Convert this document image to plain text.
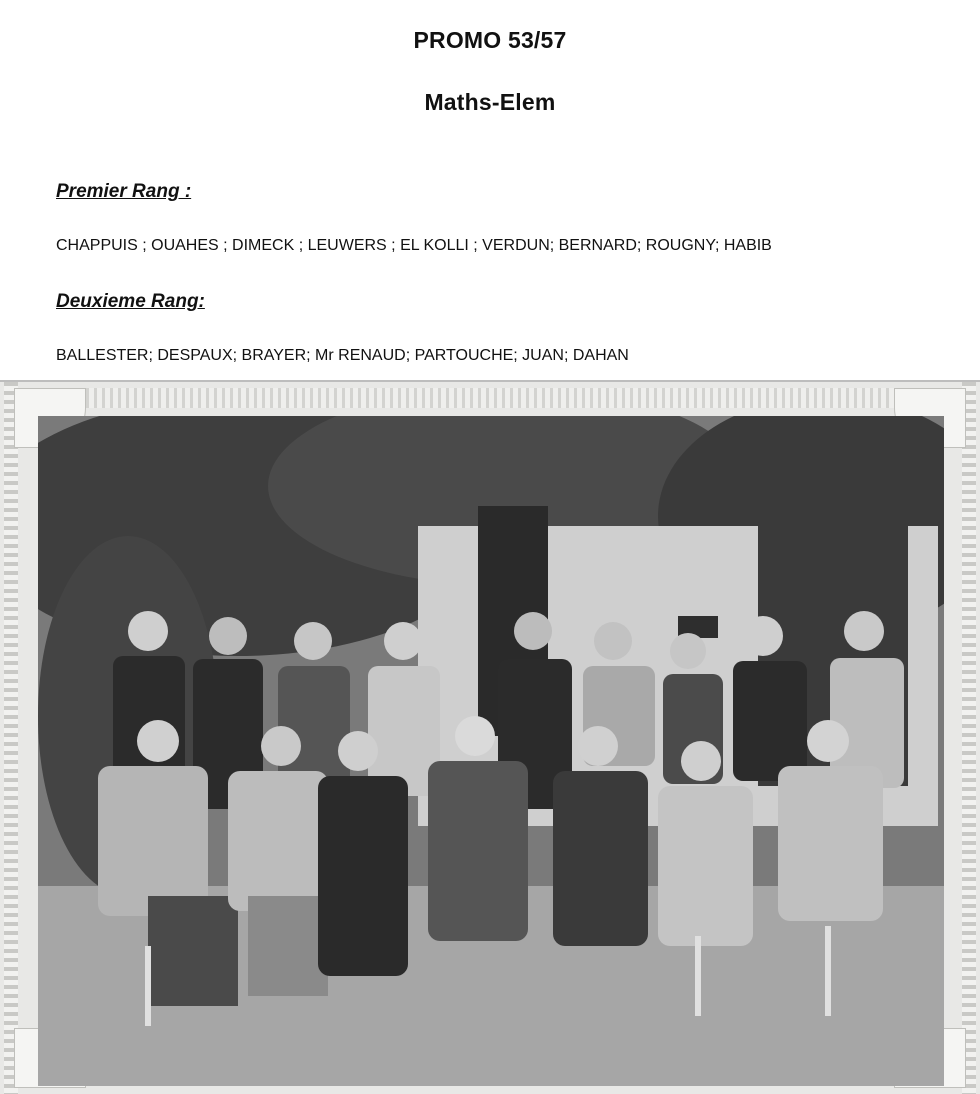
PROMO 53/57
Maths-Elem
Premier Rang :
CHAPPUIS ; OUAHES ; DIMECK ; LEUWERS ; EL KOLLI ; VERDUN; BERNARD; ROUGNY; HABIB
Deuxieme Rang:
BALLESTER; DESPAUX; BRAYER; Mr RENAUD; PARTOUCHE; JUAN; DAHAN
